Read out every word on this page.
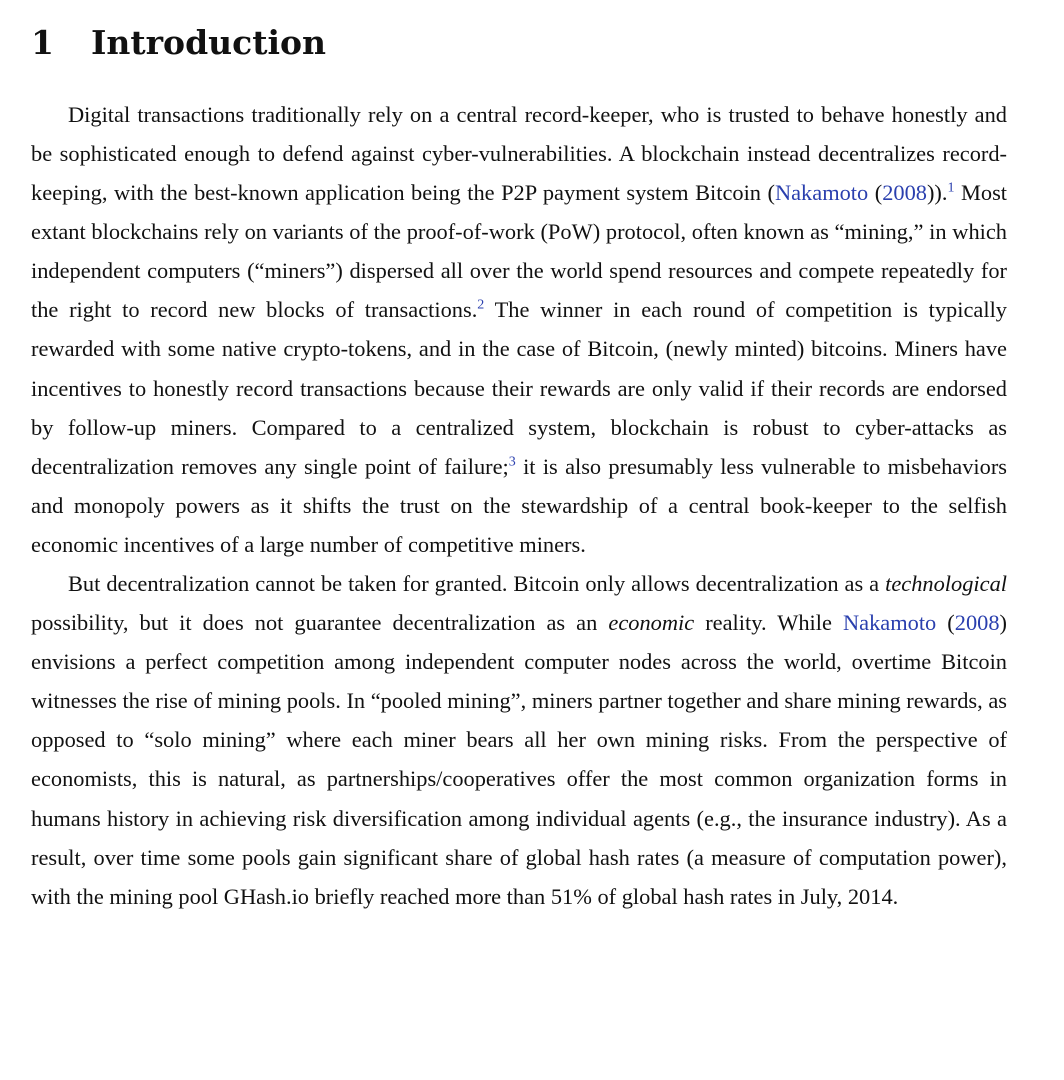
1	Introduction

Digital transactions traditionally rely on a central record-keeper, who is trusted to behave honestly and be sophisticated enough to defend against cyber-vulnerabilities. A blockchain instead decentralizes record-keeping, with the best-known application being the P2P payment system Bitcoin (Nakamoto (2008)).$^1$ Most extant blockchains rely on variants of the proof-of-work (PoW) protocol, often known as “mining,” in which independent computers (“miners”) dispersed all over the world spend resources and compete repeatedly for the right to record new blocks of transactions.$^2$ The winner in each round of competition is typically rewarded with some native crypto-tokens, and in the case of Bitcoin, (newly minted) bitcoins. Miners have incentives to honestly record transactions because their rewards are only valid if their records are endorsed by follow-up miners. Compared to a centralized system, blockchain is robust to cyber-attacks as decentralization removes any single point of failure;$^3$ it is also presumably less vulnerable to misbehaviors and monopoly powers as it shifts the trust on the stewardship of a central book-keeper to the selfish economic incentives of a large number of competitive miners.

But decentralization cannot be taken for granted. Bitcoin only allows decentralization as a technological possibility, but it does not guarantee decentralization as an economic reality. While Nakamoto (2008) envisions a perfect competition among independent computer nodes across the world, overtime Bitcoin witnesses the rise of mining pools. In “pooled mining”, miners partner together and share mining rewards, as opposed to “solo mining” where each miner bears all her own mining risks. From the perspective of economists, this is natural, as partnerships/cooperatives offer the most common organization forms in humans history in achieving risk diversification among individual agents (e.g., the insurance industry). As a result, over time some pools gain significant share of global hash rates (a measure of computation power), with the mining pool GHash.io briefly reached more than 51% of global hash rates in July, 2014.
